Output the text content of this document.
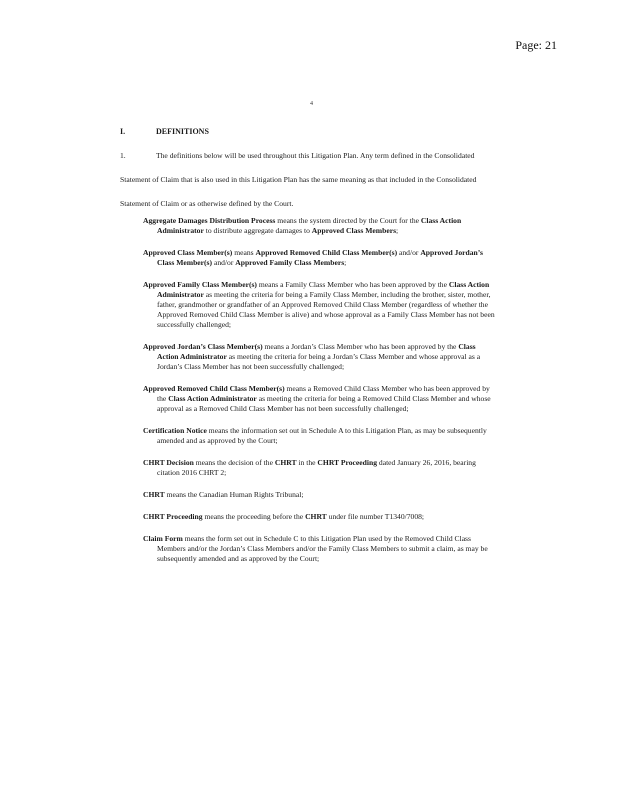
Page: 21
4
I.	DEFINITIONS
1.	The definitions below will be used throughout this Litigation Plan. Any term defined in the Consolidated Statement of Claim that is also used in this Litigation Plan has the same meaning as that included in the Consolidated Statement of Claim or as otherwise defined by the Court.

Aggregate Damages Distribution Process means the system directed by the Court for the Class Action Administrator to distribute aggregate damages to Approved Class Members;

Approved Class Member(s) means Approved Removed Child Class Member(s) and/or Approved Jordan’s Class Member(s) and/or Approved Family Class Members;

Approved Family Class Member(s) means a Family Class Member who has been approved by the Class Action Administrator as meeting the criteria for being a Family Class Member, including the brother, sister, mother, father, grandmother or grandfather of an Approved Removed Child Class Member (regardless of whether the Approved Removed Child Class Member is alive) and whose approval as a Family Class Member has not been successfully challenged;

Approved Jordan’s Class Member(s) means a Jordan’s Class Member who has been approved by the Class Action Administrator as meeting the criteria for being a Jordan’s Class Member and whose approval as a Jordan’s Class Member has not been successfully challenged;

Approved Removed Child Class Member(s) means a Removed Child Class Member who has been approved by the Class Action Administrator as meeting the criteria for being a Removed Child Class Member and whose approval as a Removed Child Class Member has not been successfully challenged;

Certification Notice means the information set out in Schedule A to this Litigation Plan, as may be subsequently amended and as approved by the Court;

CHRT Decision means the decision of the CHRT in the CHRT Proceeding dated January 26, 2016, bearing citation 2016 CHRT 2;

CHRT means the Canadian Human Rights Tribunal;

CHRT Proceeding means the proceeding before the CHRT under file number T1340/7008;

Claim Form means the form set out in Schedule C to this Litigation Plan used by the Removed Child Class Members and/or the Jordan’s Class Members and/or the Family Class Members to submit a claim, as may be subsequently amended and as approved by the Court;
